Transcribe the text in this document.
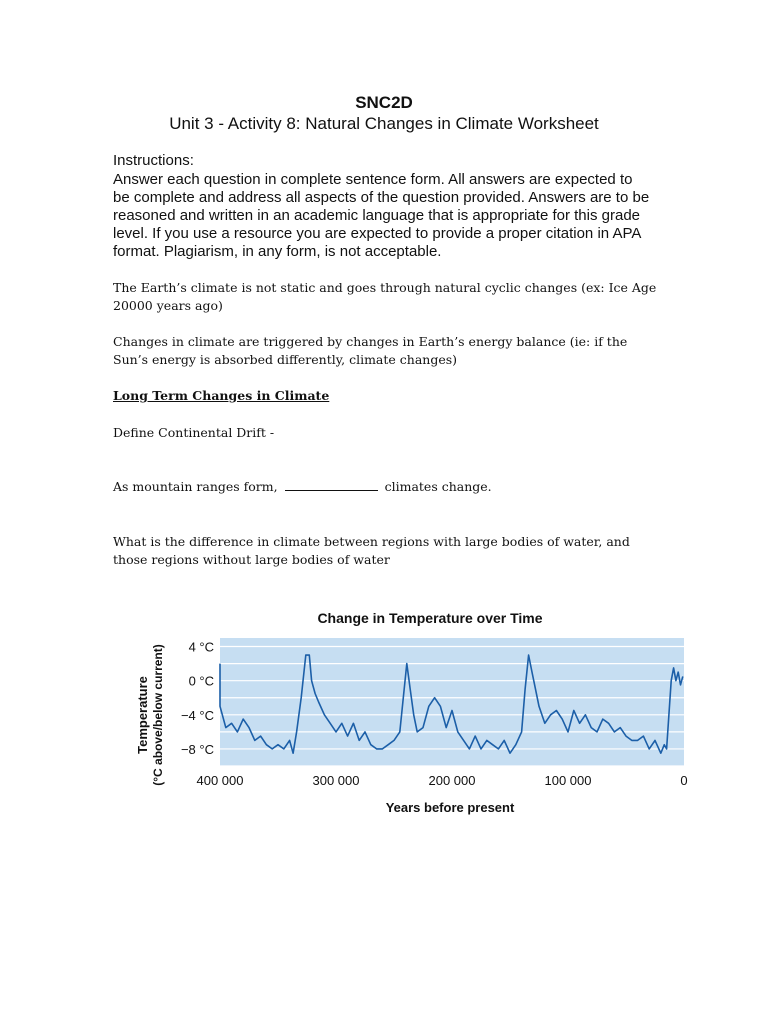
SNC2D
Unit 3 - Activity 8: Natural Changes in Climate Worksheet
Instructions:
Answer each question in complete sentence form. All answers are expected to be complete and address all aspects of the question provided. Answers are to be reasoned and written in an academic language that is appropriate for this grade level. If you use a resource you are expected to provide a proper citation in APA format. Plagiarism, in any form, is not acceptable.
The Earth’s climate is not static and goes through natural cyclic changes (ex: Ice Age 20000 years ago)
Changes in climate are triggered by changes in Earth’s energy balance (ie: if the Sun’s energy is absorbed differently, climate changes)
Long Term Changes in Climate
Define Continental Drift -
As mountain ranges form,	climates change.
What is the difference in climate between regions with large bodies of water, and those regions without large bodies of water
Change in Temperature over Time
4 °C
0 °C
−4 °C
−8 °C
400 000	300 000	200 000	100 000	0
Years before present
Temperature (°C above/below current)
